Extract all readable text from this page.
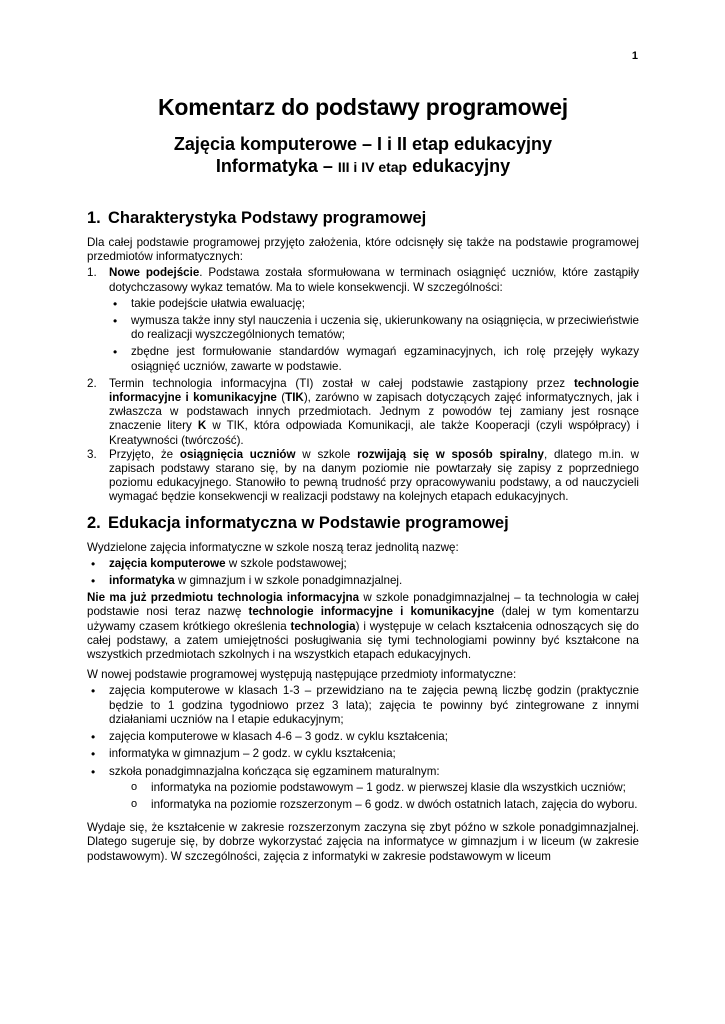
1
Komentarz do podstawy programowej
Zajęcia komputerowe – I i II etap edukacyjny
Informatyka – III i IV etap edukacyjny
1. Charakterystyka Podstawy programowej

Dla całej podstawie programowej przyjęto założenia, które odcisnęły się także na podstawie programowej przedmiotów informatycznych:

1. Nowe podejście. Podstawa została sformułowana w terminach osiągnięć uczniów, które zastąpiły dotychczasowy wykaz tematów. Ma to wiele konsekwencji. W szczególności:
• takie podejście ułatwia ewaluację;
• wymusza także inny styl nauczenia i uczenia się, ukierunkowany na osiągnięcia, w przeciwieństwie do realizacji wyszczególnionych tematów;
• zbędne jest formułowanie standardów wymagań egzaminacyjnych, ich rolę przejęły wykazy osiągnięć uczniów, zawarte w podstawie.
2. Termin technologia informacyjna (TI) został w całej podstawie zastąpiony przez technologie informacyjne i komunikacyjne (TIK), zarówno w zapisach dotyczących zajęć informatycznych, jak i zwłaszcza w podstawach innych przedmiotach. Jednym z powodów tej zamiany jest rosnące znaczenie litery K w TIK, która odpowiada Komunikacji, ale także Kooperacji (czyli współpracy) i Kreatywności (twórczość).
3. Przyjęto, że osiągnięcia uczniów w szkole rozwijają się w sposób spiralny, dlatego m.in. w zapisach podstawy starano się, by na danym poziomie nie powtarzały się zapisy z poprzedniego poziomu edukacyjnego. Stanowiło to pewną trudność przy opracowywaniu podstawy, a od nauczycieli wymagać będzie konsekwencji w realizacji podstawy na kolejnych etapach edukacyjnych.
2. Edukacja informatyczna w Podstawie programowej

Wydzielone zajęcia informatyczne w szkole noszą teraz jednolitą nazwę:

• zajęcia komputerowe w szkole podstawowej;
• informatyka w gimnazjum i w szkole ponadgimnazjalnej.

Nie ma już przedmiotu technologia informacyjna w szkole ponadgimnazjalnej – ta technologia w całej podstawie nosi teraz nazwę technologie informacyjne i komunikacyjne (dalej w tym komentarzu używamy czasem krótkiego określenia technologia) i występuje w celach kształcenia odnoszących się do całej podstawy, a zatem umiejętności posługiwania się tymi technologiami powinny być kształcone na wszystkich przedmiotach szkolnych i na wszystkich etapach edukacyjnych.

W nowej podstawie programowej występują następujące przedmioty informatyczne:

• zajęcia komputerowe w klasach 1-3 – przewidziano na te zajęcia pewną liczbę godzin (praktycznie będzie to 1 godzina tygodniowo przez 3 lata); zajęcia te powinny być zintegrowane z innymi działaniami uczniów na I etapie edukacyjnym;
• zajęcia komputerowe w klasach 4-6 – 3 godz. w cyklu kształcenia;
• informatyka w gimnazjum – 2 godz. w cyklu kształcenia;
• szkoła ponadgimnazjalna kończąca się egzaminem maturalnym:
o informatyka na poziomie podstawowym – 1 godz. w pierwszej klasie dla wszystkich uczniów;
o informatyka na poziomie rozszerzonym – 6 godz. w dwóch ostatnich latach, zajęcia do wyboru.

Wydaje się, że kształcenie w zakresie rozszerzonym zaczyna się zbyt późno w szkole ponadgimnazjalnej. Dlatego sugeruje się, by dobrze wykorzystać zajęcia na informatyce w gimnazjum i w liceum (w zakresie podstawowym). W szczególności, zajęcia z informatyki w zakresie podstawowym w liceum
